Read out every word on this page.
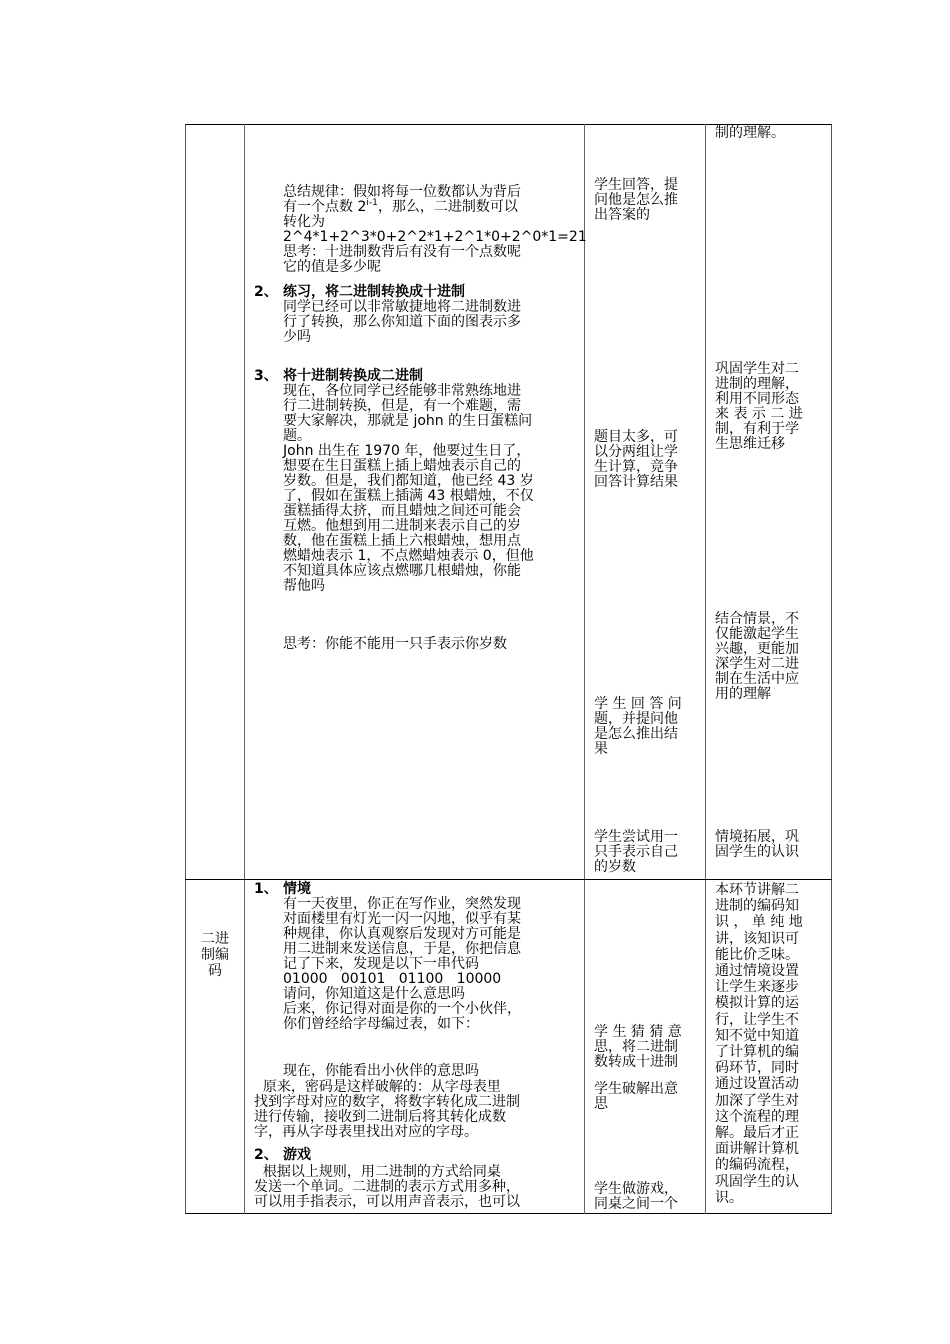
总结规律：假如将每一位数都认为背后
有一个点数 2$^{i-1}$，那么，二进制数可以
转化为
2^4*1+2^3*0+2^2*1+2^1*0+2^0*1=21
思考：十进制数背后有没有一个点数呢
它的值是多少呢
2、 练习，将二进制转换成十进制
同学已经可以非常敏捷地将二进制数进
行了转换，那么你知道下面的图表示多
少吗
3、 将十进制转换成二进制
现在，各位同学已经能够非常熟练地进
行二进制转换，但是，有一个难题，需
要大家解决，那就是 john 的生日蛋糕问
题。
John 出生在 1970 年，他要过生日了，
想要在生日蛋糕上插上蜡烛表示自己的
岁数。但是，我们都知道，他已经 43 岁
了，假如在蛋糕上插满 43 根蜡烛，不仅
蛋糕插得太挤，而且蜡烛之间还可能会
互燃。他想到用二进制来表示自己的岁
数，他在蛋糕上插上六根蜡烛，想用点
燃蜡烛表示 1，不点燃蜡烛表示 0，但他
不知道具体应该点燃哪几根蜡烛，你能
帮他吗
思考：你能不能用一只手表示你岁数
学生回答，提
问他是怎么推
出答案的
题目太多，可
以分两组让学
生计算，竞争
回答计算结果
学 生 回 答 问
题，并提问他
是怎么推出结
果
学生尝试用一
只手表示自己
的岁数
制的理解。
巩固学生对二
进制的理解，
利用不同形态
来 表 示 二 进
制，有利于学
生思维迁移
结合情景，不
仅能激起学生
兴趣，更能加
深学生对二进
制在生活中应
用的理解
情境拓展，巩
固学生的认识
二进
制编
码
1、 情境
有一天夜里，你正在写作业，突然发现
对面楼里有灯光一闪一闪地，似乎有某
种规律，你认真观察后发现对方可能是
用二进制来发送信息，于是，你把信息
记了下来，发现是以下一串代码
01000   00101   01100   10000
请问，你知道这是什么意思吗
后来，你记得对面是你的一个小伙伴，
你们曾经给字母编过表，如下：
现在，你能看出小伙伴的意思吗
原来，密码是这样破解的：从字母表里
找到字母对应的数字，将数字转化成二进制
进行传输，接收到二进制后将其转化成数
字，再从字母表里找出对应的字母。
2、 游戏
根据以上规则，用二进制的方式给同桌
发送一个单词。二进制的表示方式用多种，
可以用手指表示，可以用声音表示，也可以
学 生 猜 猜 意
思，将二进制
数转成十进制
学生破解出意
思
学生做游戏，
同桌之间一个
本环节讲解二
进制的编码知
识 ， 单 纯 地
讲，该知识可
能比价乏味。
通过情境设置
让学生来逐步
模拟计算的运
行，让学生不
知不觉中知道
了计算机的编
码环节，同时
通过设置活动
加深了学生对
这个流程的理
解。最后才正
面讲解计算机
的编码流程，
巩固学生的认
识。
